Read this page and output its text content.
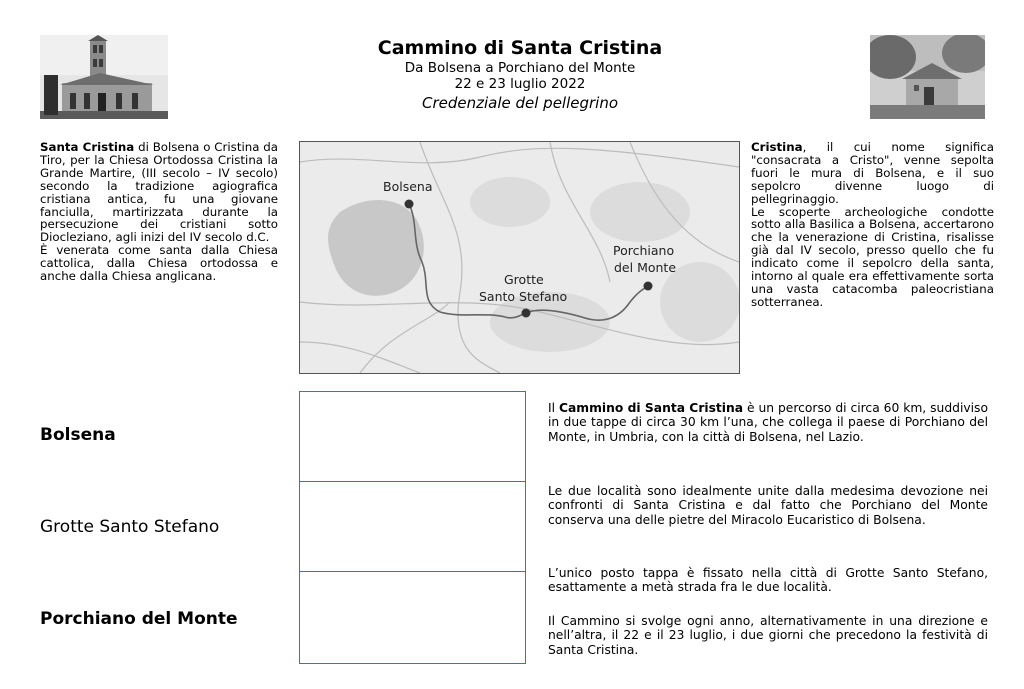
Cammino di Santa Cristina
Da Bolsena a Porchiano del Monte
22 e 23 luglio 2022
Credenziale del pellegrino
Santa Cristina di Bolsena o Cristina da Tiro, per la Chiesa Ortodossa Cristina la Grande Martire, (III secolo – IV secolo) secondo la tradizione agiografica cristiana antica, fu una giovane fanciulla, martirizzata durante la persecuzione dei cristiani sotto Diocleziano, agli inizi del IV secolo d.C.
È venerata come santa dalla Chiesa cattolica, dalla Chiesa ortodossa e anche dalla Chiesa anglicana.
Bolsena
Grotte
Santo Stefano
Porchiano
del Monte
Cristina, il cui nome significa "consacrata a Cristo", venne sepolta fuori le mura di Bolsena, e il suo sepolcro divenne luogo di pellegrinaggio.
Le scoperte archeologiche condotte sotto alla Basilica a Bolsena, accertarono che la venerazione di Cristina, risalisse già dal IV secolo, presso quello che fu indicato come il sepolcro della santa, intorno al quale era effettivamente sorta una vasta catacomba paleocristiana sotterranea.
Bolsena
Grotte Santo Stefano
Porchiano del Monte
Il Cammino di Santa Cristina è un percorso di circa 60 km, suddiviso in due tappe di circa 30 km l’una, che collega il paese di Porchiano del Monte, in Umbria, con la città di Bolsena, nel Lazio.
Le due località sono idealmente unite dalla medesima devozione nei confronti di Santa Cristina e dal fatto che Porchiano del Monte conserva una delle pietre del Miracolo Eucaristico di Bolsena.
L’unico posto tappa è fissato nella città di Grotte Santo Stefano, esattamente a metà strada fra le due località.
Il Cammino si svolge ogni anno, alternativamente in una direzione e nell’altra, il 22 e il 23 luglio, i due giorni che precedono la festività di Santa Cristina.
